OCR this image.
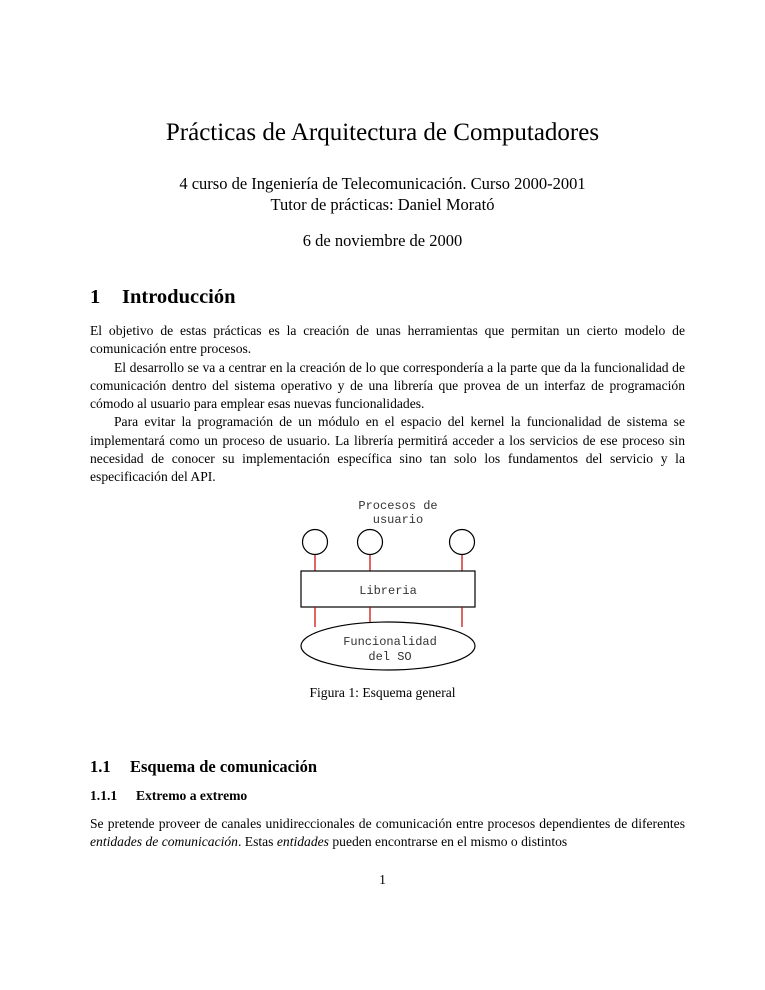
Prácticas de Arquitectura de Computadores
4 curso de Ingeniería de Telecomunicación. Curso 2000-2001
Tutor de prácticas: Daniel Morató
6 de noviembre de 2000
1 Introducción

El objetivo de estas prácticas es la creación de unas herramientas que permitan un cierto modelo de comunicación entre procesos.

El desarrollo se va a centrar en la creación de lo que correspondería a la parte que da la funcionalidad de comunicación dentro del sistema operativo y de una librería que provea de un interfaz de programación cómodo al usuario para emplear esas nuevas funcionalidades.

Para evitar la programación de un módulo en el espacio del kernel la funcionalidad de sistema se implementará como un proceso de usuario. La librería permitirá acceder a los servicios de ese proceso sin necesidad de conocer su implementación específica sino tan solo los fundamentos del servicio y la especificación del API.

Procesos de
usuario
Libreria
Funcionalidad
del SO
Figura 1: Esquema general
1.1 Esquema de comunicación
1.1.1 Extremo a extremo

Se pretende proveer de canales unidireccionales de comunicación entre procesos dependientes de diferentes entidades de comunicación. Estas entidades pueden encontrarse en el mismo o distintos

1
